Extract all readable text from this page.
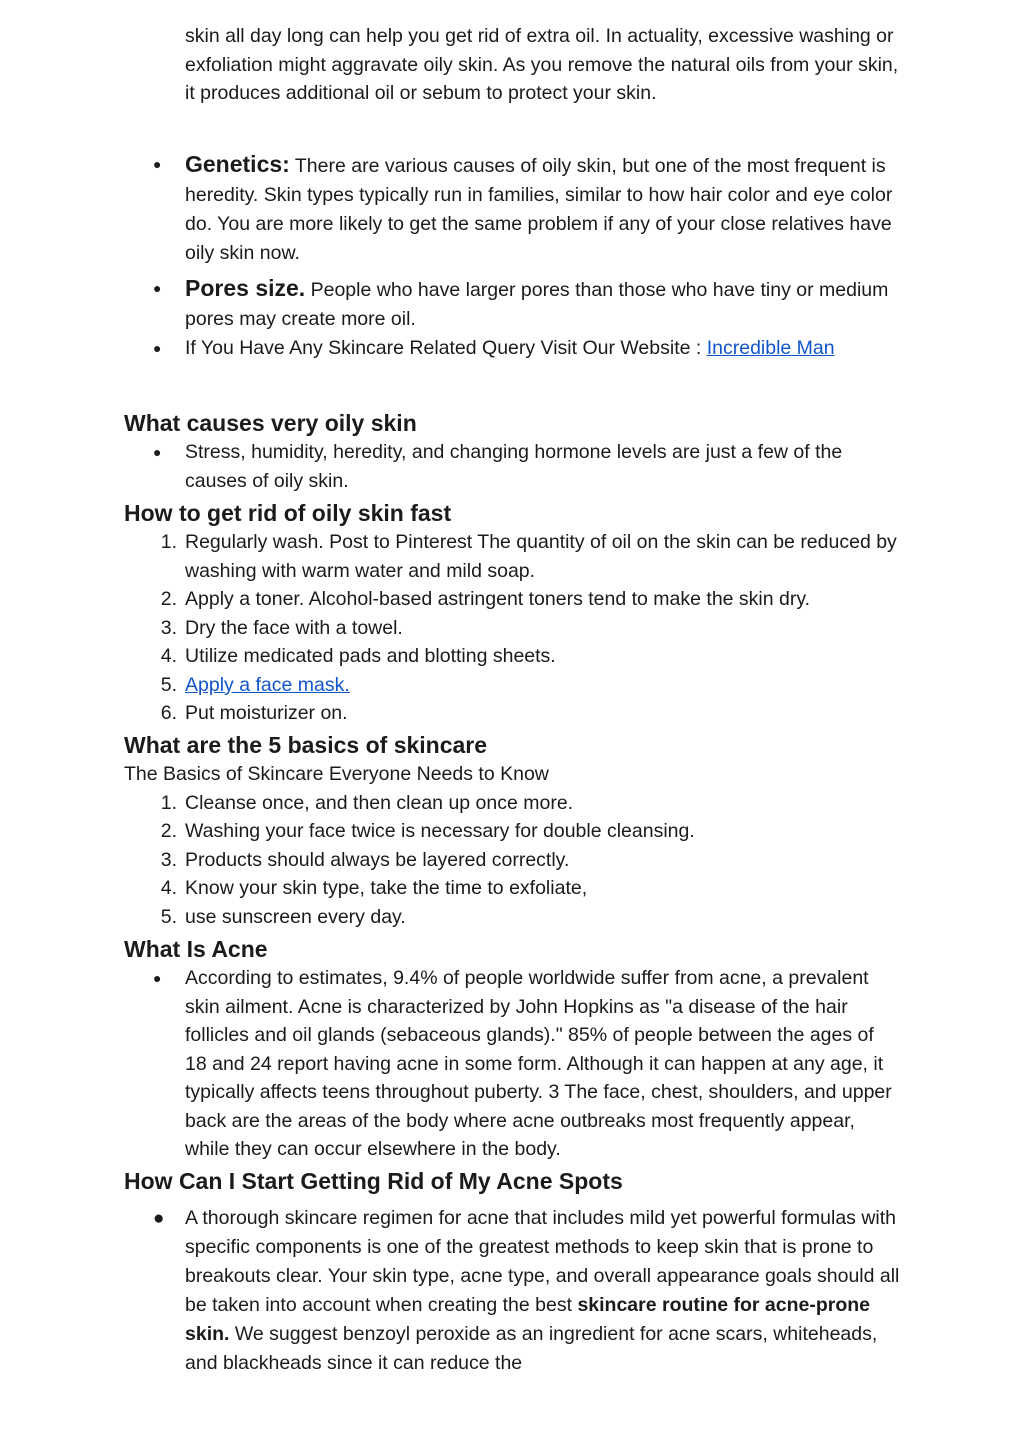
skin all day long can help you get rid of extra oil. In actuality, excessive washing or exfoliation might aggravate oily skin. As you remove the natural oils from your skin, it produces additional oil or sebum to protect your skin.

● Genetics: There are various causes of oily skin, but one of the most frequent is heredity. Skin types typically run in families, similar to how hair color and eye color do. You are more likely to get the same problem if any of your close relatives have oily skin now.
● Pores size. People who have larger pores than those who have tiny or medium pores may create more oil.
● If You Have Any Skincare Related Query Visit Our Website : Incredible Man
What causes very oily skin
● Stress, humidity, heredity, and changing hormone levels are just a few of the causes of oily skin.
How to get rid of oily skin fast
1. Regularly wash. Post to Pinterest The quantity of oil on the skin can be reduced by washing with warm water and mild soap.
2. Apply a toner. Alcohol-based astringent toners tend to make the skin dry.
3. Dry the face with a towel.
4. Utilize medicated pads and blotting sheets.
5. Apply a face mask.
6. Put moisturizer on.
What are the 5 basics of skincare

The Basics of Skincare Everyone Needs to Know

1. Cleanse once, and then clean up once more.
2. Washing your face twice is necessary for double cleansing.
3. Products should always be layered correctly.
4. Know your skin type, take the time to exfoliate,
5. use sunscreen every day.
What Is Acne
● According to estimates, 9.4% of people worldwide suffer from acne, a prevalent skin ailment. Acne is characterized by John Hopkins as "a disease of the hair follicles and oil glands (sebaceous glands)." 85% of people between the ages of 18 and 24 report having acne in some form. Although it can happen at any age, it typically affects teens throughout puberty. 3 The face, chest, shoulders, and upper back are the areas of the body where acne outbreaks most frequently appear, while they can occur elsewhere in the body.
How Can I Start Getting Rid of My Acne Spots
● A thorough skincare regimen for acne that includes mild yet powerful formulas with specific components is one of the greatest methods to keep skin that is prone to breakouts clear. Your skin type, acne type, and overall appearance goals should all be taken into account when creating the best skincare routine for acne-prone skin. We suggest benzoyl peroxide as an ingredient for acne scars, whiteheads, and blackheads since it can reduce the
